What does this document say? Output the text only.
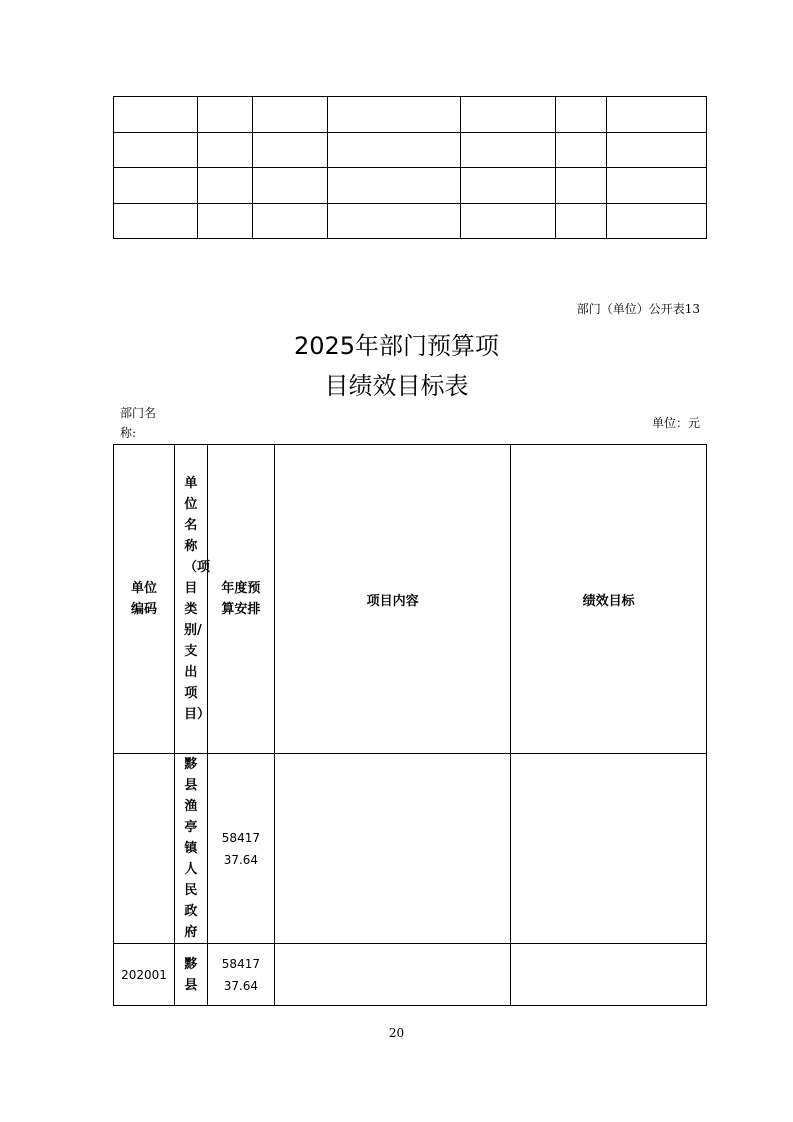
部门（单位）公开表13
2025年部门预算项
目绩效目标表
部门名
称:
单位：元
单位编码	单位名称（项目类别/支出项目）	年度预算安排	项目内容	绩效目标
	黟县渔亭镇人民政府	5841737.64		
202001	黟县	5841737.64		
20
